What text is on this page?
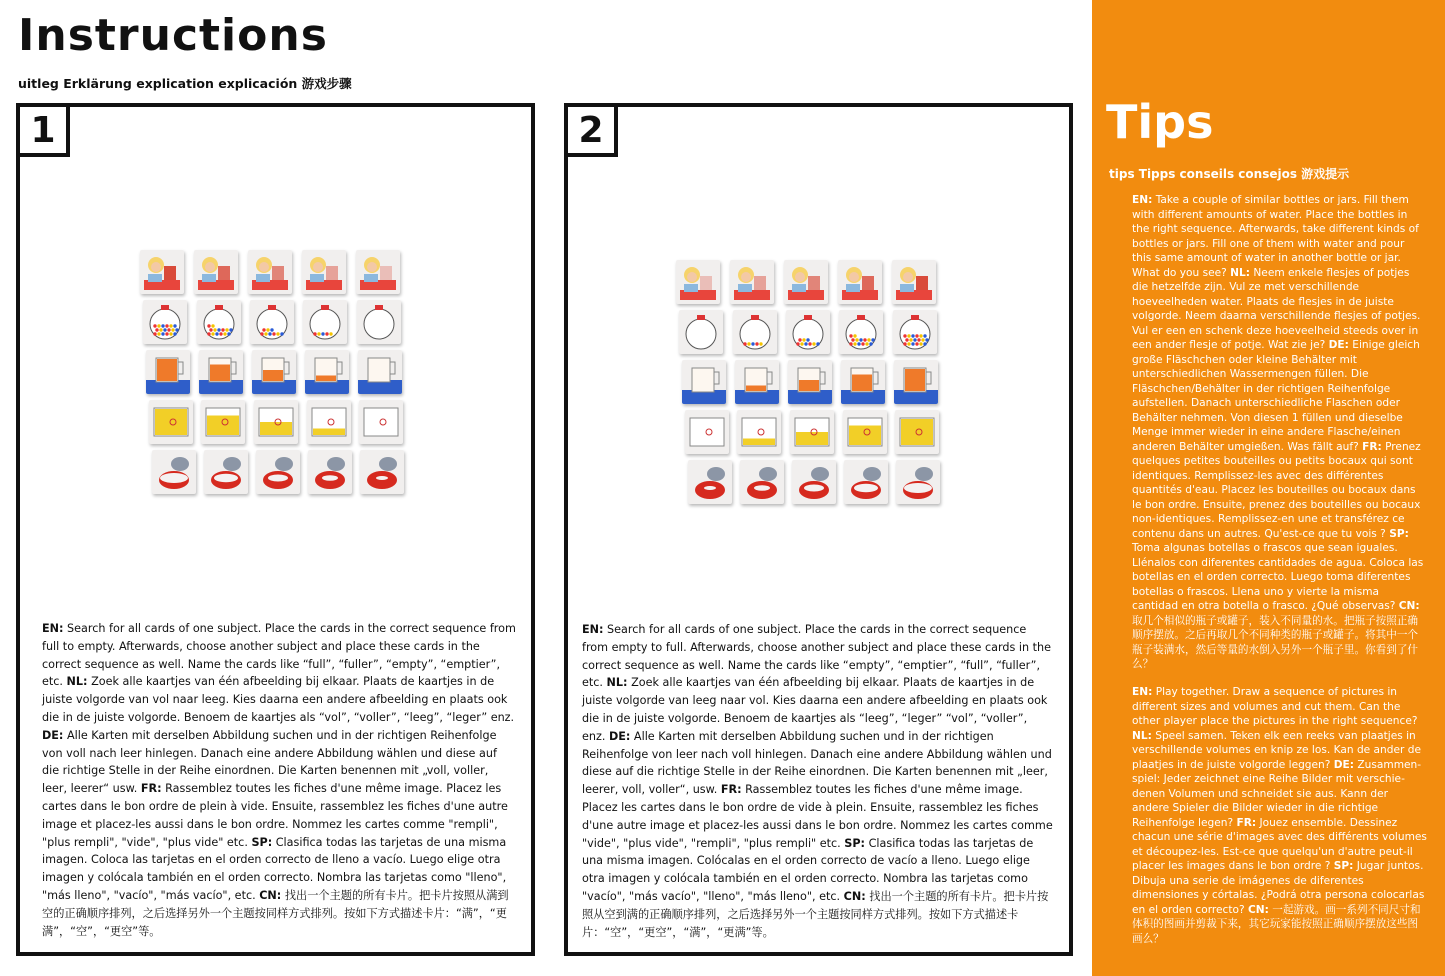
Instructions

uitleg Erklärung explication explicación 游戏步骤

1

EN: Search for all cards of one subject. Place the cards in the correct sequence from full to empty. Afterwards, choose another subject and place these cards in the correct sequence as well. Name the cards like “full”, “fuller”, “empty”, “emptier”, etc. NL: Zoek alle kaartjes van één afbeelding bij elkaar. Plaats de kaartjes in de juiste volgorde van vol naar leeg. Kies daarna een andere afbeelding en plaats ook die in de juiste volgorde. Benoem de kaartjes als “vol”, “voller”, “leeg”, “leger” enz. DE: Alle Karten mit derselben Abbildung suchen und in der richtigen Reihenfolge von voll nach leer hinlegen. Danach eine andere Abbildung wählen und diese auf die richtige Stelle in der Reihe einordnen. Die Karten benennen mit „voll, voller, leer, leerer“ usw. FR: Rassemblez toutes les fiches d'une même image. Placez les cartes dans le bon ordre de plein à vide. Ensuite, rassemblez les fiches d'une autre image et placez-les aussi dans le bon ordre. Nommez les cartes comme "rempli", "plus rempli", "vide", "plus vide" etc. SP: Clasifica todas las tarjetas de una misma imagen. Coloca las tarjetas en el orden correcto de lleno a vacío. Luego elige otra imagen y colócala también en el orden correcto. Nombra las tarjetas como "lleno", "más lleno", "vacío", "más vacío", etc. CN: 找出一个主题的所有卡片。把卡片按照从满到空的正确顺序排列，之后选择另外一个主题按同样方式排列。按如下方式描述卡片：“满”，“更满”，“空”，“更空”等。

2

EN: Search for all cards of one subject. Place the cards in the correct sequence from empty to full. Afterwards, choose another subject and place these cards in the correct sequence as well. Name the cards like “empty”, “emptier”, “full”, “fuller”, etc. NL: Zoek alle kaartjes van één afbeelding bij elkaar. Plaats de kaartjes in de juiste volgorde van leeg naar vol. Kies daarna een andere afbeelding en plaats ook die in de juiste volgorde. Benoem de kaartjes als “leeg”, “leger” “vol”, “voller”, enz. DE: Alle Karten mit derselben Abbildung suchen und in der richtigen Reihenfolge von leer nach voll hinlegen. Danach eine andere Abbildung wählen und diese auf die richtige Stelle in der Reihe einordnen. Die Karten benennen mit „leer, leerer, voll, voller“, usw. FR: Rassemblez toutes les fiches d'une même image. Placez les cartes dans le bon ordre de vide à plein. Ensuite, rassemblez les fiches d'une autre image et placez-les aussi dans le bon ordre. Nommez les cartes comme "vide", "plus vide", "rempli", "plus rempli" etc. SP: Clasifica todas las tarjetas de una misma imagen. Colócalas en el orden correcto de vacío a lleno. Luego elige otra imagen y colócala también en el orden correcto. Nombra las tarjetas como "vacío", "más vacío", "lleno", "más lleno", etc. CN: 找出一个主题的所有卡片。把卡片按照从空到满的正确顺序排列，之后选择另外一个主题按同样方式排列。按如下方式描述卡片：“空”，“更空”，“满”，“更满”等。

Tips

tips Tipps conseils consejos 游戏提示

EN: Take a couple of similar bottles or jars. Fill them with different amounts of water. Place the bottles in the right sequence. Afterwards, take different kinds of bottles or jars. Fill one of them with water and pour this same amount of water in another bottle or jar. What do you see? NL: Neem enkele flesjes of potjes die hetzelfde zijn. Vul ze met verschillende hoeveelheden water. Plaats de flesjes in de juiste volgorde. Neem daarna verschillende flesjes of potjes. Vul er een en schenk deze hoeveelheid steeds over in een ander flesje of potje. Wat zie je? DE: Einige gleich große Fläschchen oder kleine Behälter mit unterschiedlichen Wassermengen füllen. Die Fläschchen/Behälter in der richtigen Reihenfolge aufstellen. Danach unterschiedliche Flaschen oder Behälter nehmen. Von diesen 1 füllen und dieselbe Menge immer wieder in eine andere Flasche/einen anderen Behälter umgießen. Was fällt auf? FR: Prenez quelques petites bouteilles ou petits bocaux qui sont identiques. Remplissez-les avec des différentes quantités d'eau. Placez les bouteilles ou bocaux dans le bon ordre. Ensuite, prenez des bouteilles ou bocaux non-identiques. Remplissez-en une et transférez ce contenu dans un autres. Qu'est-ce que tu vois ? SP: Toma algunas botellas o frascos que sean iguales. Llénalos con diferentes cantidades de agua. Coloca las botellas en el orden correcto. Luego toma diferentes botellas o frascos. Llena uno y vierte la misma cantidad en otra botella o frasco. ¿Qué observas? CN: 取几个相似的瓶子或罐子，装入不同量的水。把瓶子按照正确顺序摆放。之后再取几个不同种类的瓶子或罐子。将其中一个瓶子装满水，然后等量的水倒入另外一个瓶子里。你看到了什么？

EN: Play together. Draw a sequence of pictures in different sizes and volumes and cut them. Can the other player place the pictures in the right sequence? NL: Speel samen. Teken elk een reeks van plaatjes in verschillende volumes en knip ze los. Kan de ander de plaatjes in de juiste volgorde leggen? DE: Zusammen-spiel: Jeder zeichnet eine Reihe Bilder mit verschie-denen Volumen und schneidet sie aus. Kann der andere Spieler die Bilder wieder in die richtige Reihenfolge legen? FR: Jouez ensemble. Dessinez chacun une série d'images avec des différents volumes et découpez-les. Est-ce que quelqu'un d'autre peut-il placer les images dans le bon ordre ? SP: Jugar juntos. Dibuja una serie de imágenes de diferentes dimensiones y córtalas. ¿Podrá otra persona colocarlas en el orden correcto? CN: 一起游戏。画一系列不同尺寸和体积的图画并剪裁下来，其它玩家能按照正确顺序摆放这些图画么？
